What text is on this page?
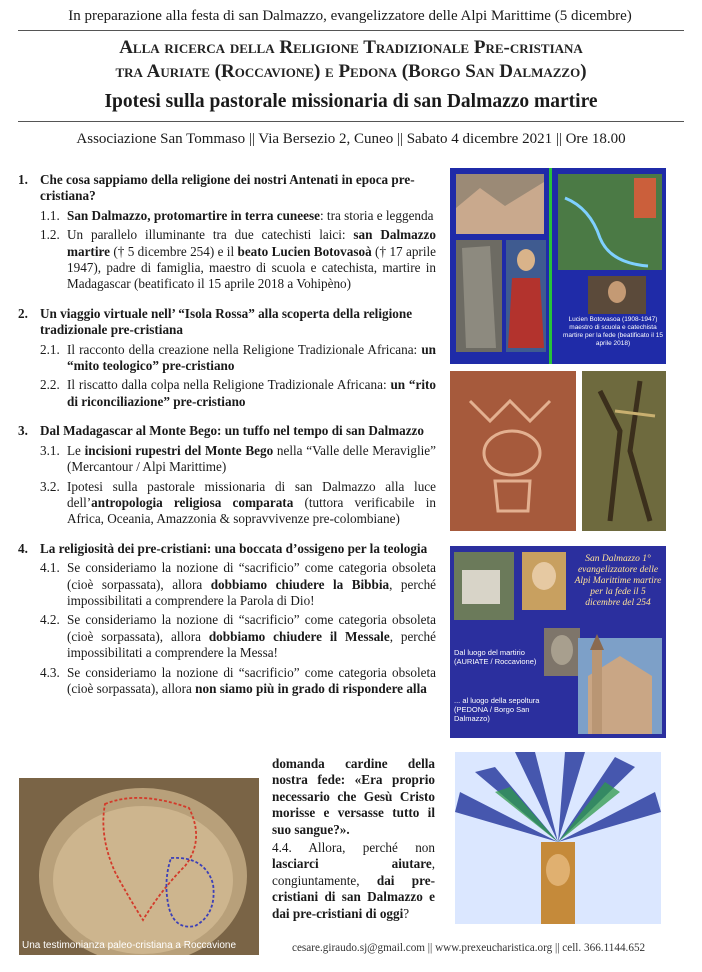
In preparazione alla festa di san Dalmazzo, evangelizzatore delle Alpi Marittime (5 dicembre)
Alla ricerca della Religione Tradizionale Pre-cristiana
tra Auriate (Roccavione) e Pedona (Borgo San Dalmazzo)
Ipotesi sulla pastorale missionaria di san Dalmazzo martire
Associazione San Tommaso || Via Bersezio 2, Cuneo || Sabato 4 dicembre 2021 || Ore 18.00
1. Che cosa sappiamo della religione dei nostri Antenati in epoca pre-cristiana?
1.1. San Dalmazzo, protomartire in terra cuneese: tra storia e leggenda
1.2. Un parallelo illuminante tra due catechisti laici: san Dalmazzo martire († 5 dicembre 254) e il beato Lucien Botovasoà († 17 aprile 1947), padre di famiglia, maestro di scuola e catechista, martire in Madagascar (beatificato il 15 aprile 2018 a Vohipèno)
2. Un viaggio virtuale nell’ “Isola Rossa” alla scoperta della religione tradizionale pre-cristiana
2.1. Il racconto della creazione nella Religione Tradizionale Africana: un “mito teologico” pre-cristiano
2.2. Il riscatto dalla colpa nella Religione Tradizionale Africana: un “rito di riconciliazione” pre-cristiano
3. Dal Madagascar al Monte Bego: un tuffo nel tempo di san Dalmazzo
3.1. Le incisioni rupestri del Monte Bego nella “Valle delle Meraviglie” (Mercantour / Alpi Marittime)
3.2. Ipotesi sulla pastorale missionaria di san Dalmazzo alla luce dell’antropologia religiosa comparata (tuttora verificabile in Africa, Oceania, Amazzonia & sopravvivenze pre-colombiane)
4. La religiosità dei pre-cristiani: una boccata d’ossigeno per la teologia
4.1. Se consideriamo la nozione di “sacrificio” come categoria obsoleta (cioè sorpassata), allora dobbiamo chiudere la Bibbia, perché impossibilitati a comprendere la Parola di Dio!
4.2. Se consideriamo la nozione di “sacrificio” come categoria obsoleta (cioè sorpassata), allora dobbiamo chiudere il Messale, perché impossibilitati a comprendere la Messa!
4.3. Se consideriamo la nozione di “sacrificio” come categoria obsoleta (cioè sorpassata), allora non siamo più in grado di rispondere alla

domanda cardine della nostra fede: «Era proprio necessario che Gesù Cristo morisse e versasse tutto il suo sangue?».

4.4. Allora, perché non lasciarci aiutare, congiuntamente, dai pre-cristiani di san Dalmazzo e dai pre-cristiani di oggi?

Lucien Botovasoa (1908-1947) maestro di scuola e catechista martire per la fede (beatificato il 15 aprile 2018)
San Dalmazzo 1° evangelizzatore delle Alpi Marittime martire per la fede il 5 dicembre del 254
Dal luogo del martirio (AURIATE / Roccavione)
... al luogo della sepoltura (PEDONA / Borgo San Dalmazzo)
Una testimonianza paleo-cristiana a Roccavione	cesare.giraudo.sj@gmail.com || www.prexeucharistica.org || cell. 366.1144.652
